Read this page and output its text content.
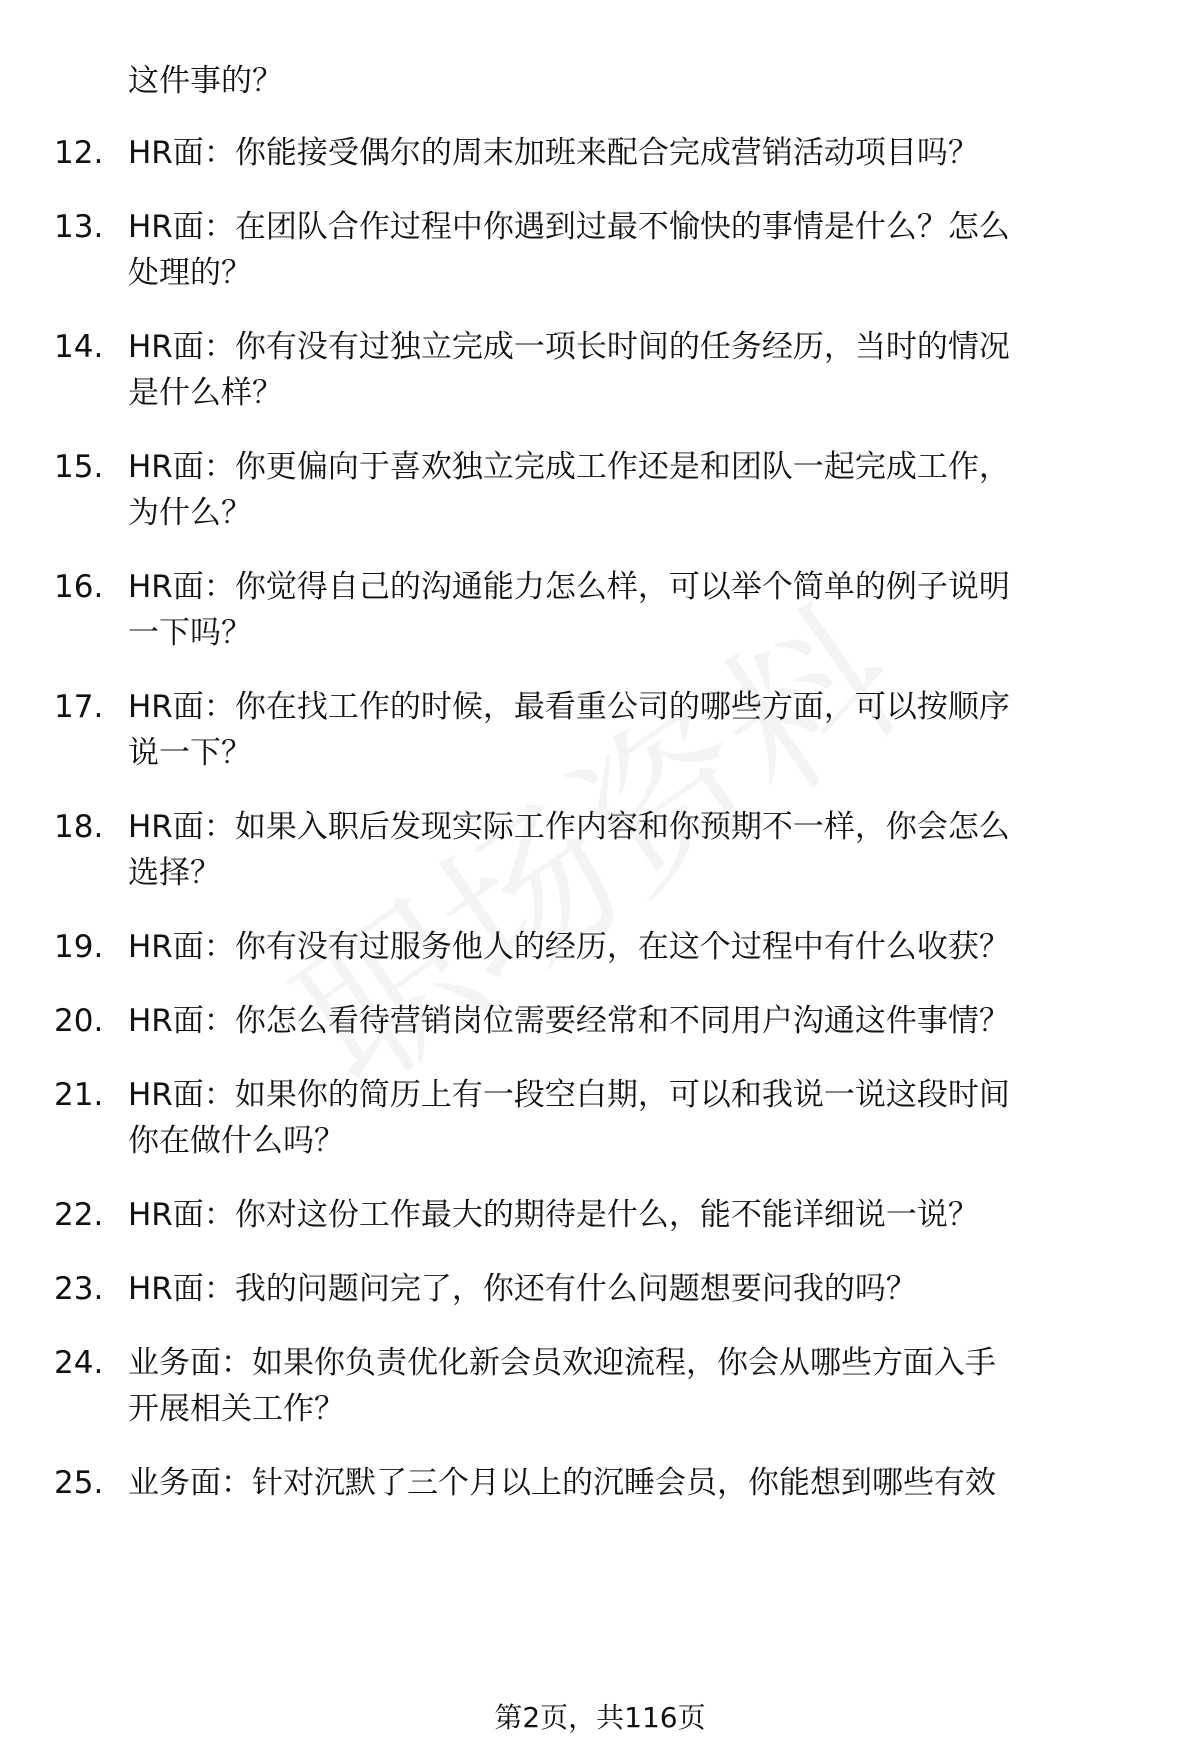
这件事的？
12. HR面：你能接受偶尔的周末加班来配合完成营销活动项目吗？
13. HR面：在团队合作过程中你遇到过最不愉快的事情是什么？怎么
处理的？
14. HR面：你有没有过独立完成一项长时间的任务经历，当时的情况
是什么样？
15. HR面：你更偏向于喜欢独立完成工作还是和团队一起完成工作，
为什么？
16. HR面：你觉得自己的沟通能力怎么样，可以举个简单的例子说明
一下吗？
17. HR面：你在找工作的时候，最看重公司的哪些方面，可以按顺序
说一下？
18. HR面：如果入职后发现实际工作内容和你预期不一样，你会怎么
选择？
19. HR面：你有没有过服务他人的经历，在这个过程中有什么收获？
20. HR面：你怎么看待营销岗位需要经常和不同用户沟通这件事情？
21. HR面：如果你的简历上有一段空白期，可以和我说一说这段时间
你在做什么吗？
22. HR面：你对这份工作最大的期待是什么，能不能详细说一说？
23. HR面：我的问题问完了，你还有什么问题想要问我的吗？
24. 业务面：如果你负责优化新会员欢迎流程，你会从哪些方面入手
开展相关工作？
25. 业务面：针对沉默了三个月以上的沉睡会员，你能想到哪些有效
第2页，共116页
